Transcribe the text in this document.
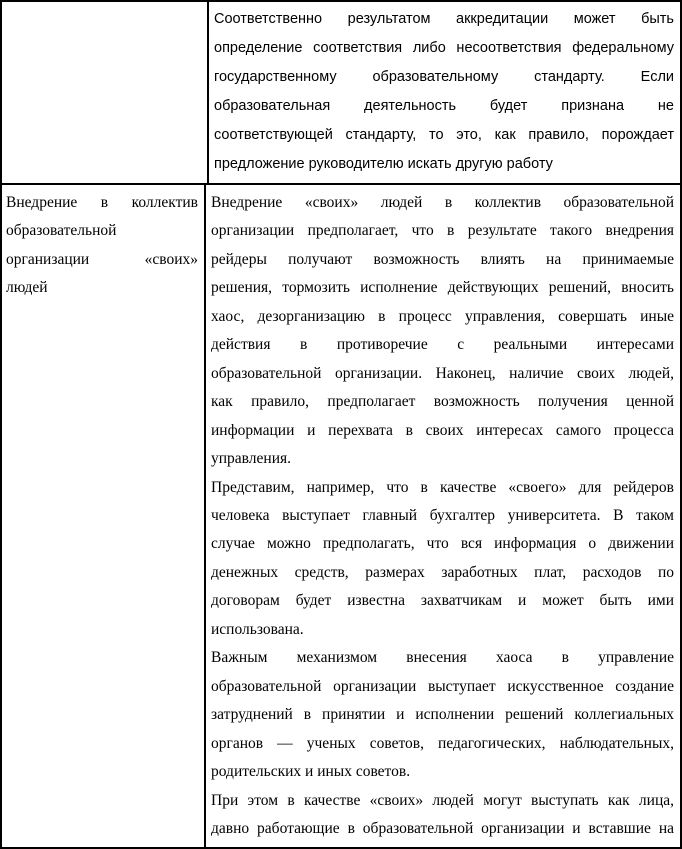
Соответственно результатом аккредитации может быть
определение соответствия либо несоответствия федеральному
государственному образовательному стандарту. Если
образовательная деятельность будет признана не
соответствующей стандарту, то это, как правило, порождает
предложение руководителю искать другую работу
Внедрение в коллектив
образовательной
организации «своих»
людей
Внедрение «своих» людей в коллектив образовательной
организации предполагает, что в результате такого внедрения
рейдеры получают возможность влиять на принимаемые
решения, тормозить исполнение действующих решений, вносить
хаос, дезорганизацию в процесс управления, совершать иные
действия в противоречие с реальными интересами
образовательной организации. Наконец, наличие своих людей,
как правило, предполагает возможность получения ценной
информации и перехвата в своих интересах самого процесса
управления.
Представим, например, что в качестве «своего» для рейдеров
человека выступает главный бухгалтер университета. В таком
случае можно предполагать, что вся информация о движении
денежных средств, размерах заработных плат, расходов по
договорам будет известна захватчикам и может быть ими
использована.
Важным механизмом внесения хаоса в управление
образовательной организации выступает искусственное создание
затруднений в принятии и исполнении решений коллегиальных
органов — ученых советов, педагогических, наблюдательных,
родительских и иных советов.
При этом в качестве «своих» людей могут выступать как лица,
давно работающие в образовательной организации и вставшие на
